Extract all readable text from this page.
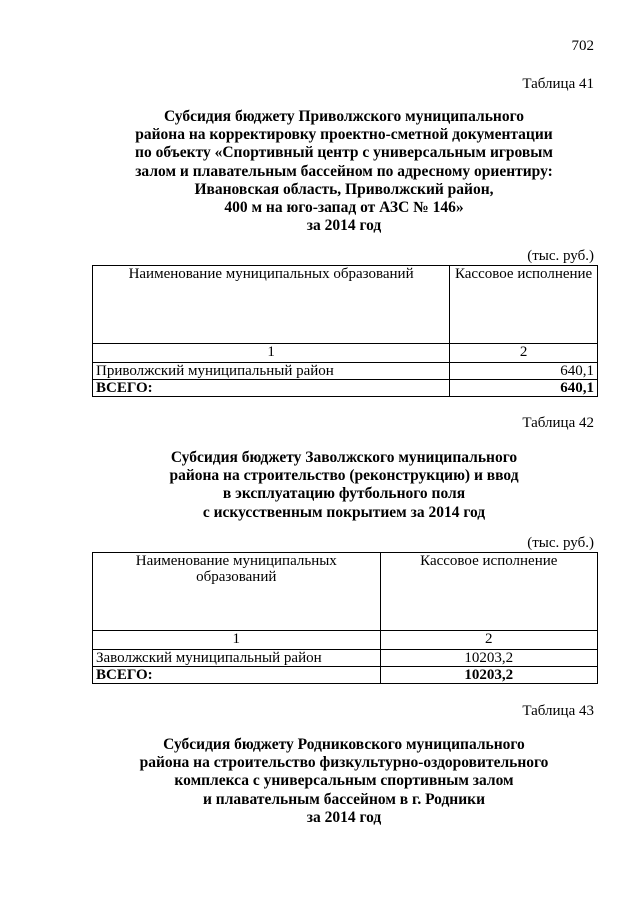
702
Таблица 41
Субсидия бюджету Приволжского муниципального
района на корректировку проектно-сметной документации
по объекту «Спортивный центр с универсальным игровым
залом и плавательным бассейном по адресному ориентиру:
Ивановская область, Приволжский район,
400 м на юго-запад от АЗС № 146»
за 2014 год
(тыс. руб.)
Наименование муниципальных образований	Кассовое исполнение
1	2
Приволжский муниципальный район	640,1
ВСЕГО:	640,1
Таблица 42
Субсидия бюджету Заволжского муниципального
района на строительство (реконструкцию) и ввод
в эксплуатацию футбольного поля
с искусственным покрытием за 2014 год
(тыс. руб.)
Наименование муниципальных образований	Кассовое исполнение
1	2
Заволжский муниципальный район	10203,2
ВСЕГО:	10203,2
Таблица 43
Субсидия бюджету Родниковского муниципального
района на строительство физкультурно-оздоровительного
комплекса с универсальным спортивным залом
и плавательным бассейном в г. Родники
за 2014 год
